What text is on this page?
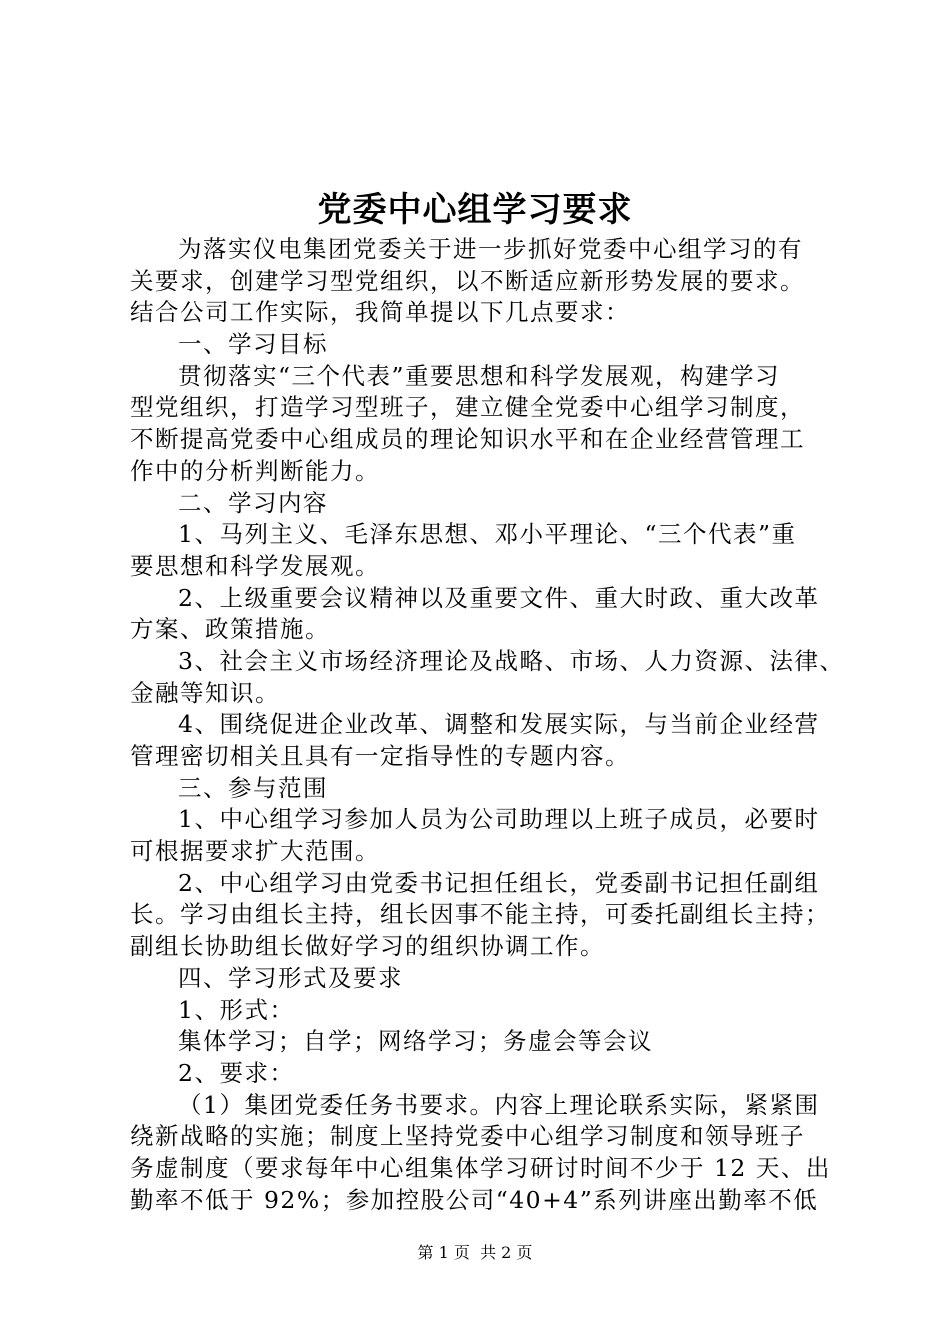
党委中心组学习要求
为落实仪电集团党委关于进一步抓好党委中心组学习的有
关要求，创建学习型党组织，以不断适应新形势发展的要求。
结合公司工作实际，我简单提以下几点要求：
一、学习目标
贯彻落实“三个代表”重要思想和科学发展观，构建学习
型党组织，打造学习型班子，建立健全党委中心组学习制度，
不断提高党委中心组成员的理论知识水平和在企业经营管理工
作中的分析判断能力。
二、学习内容
1、马列主义、毛泽东思想、邓小平理论、“三个代表”重
要思想和科学发展观。
2、上级重要会议精神以及重要文件、重大时政、重大改革
方案、政策措施。
3、社会主义市场经济理论及战略、市场、人力资源、法律、
金融等知识。
4、围绕促进企业改革、调整和发展实际，与当前企业经营
管理密切相关且具有一定指导性的专题内容。
三、参与范围
1、中心组学习参加人员为公司助理以上班子成员，必要时
可根据要求扩大范围。
2、中心组学习由党委书记担任组长，党委副书记担任副组
长。学习由组长主持，组长因事不能主持，可委托副组长主持；
副组长协助组长做好学习的组织协调工作。
四、学习形式及要求
1、形式：
集体学习；自学；网络学习；务虚会等会议
2、要求：
（1）集团党委任务书要求。内容上理论联系实际，紧紧围
绕新战略的实施；制度上坚持党委中心组学习制度和领导班子
务虚制度（要求每年中心组集体学习研讨时间不少于 12 天、出
勤率不低于 92%；参加控股公司“40+4”系列讲座出勤率不低
第 1 页  共 2 页
